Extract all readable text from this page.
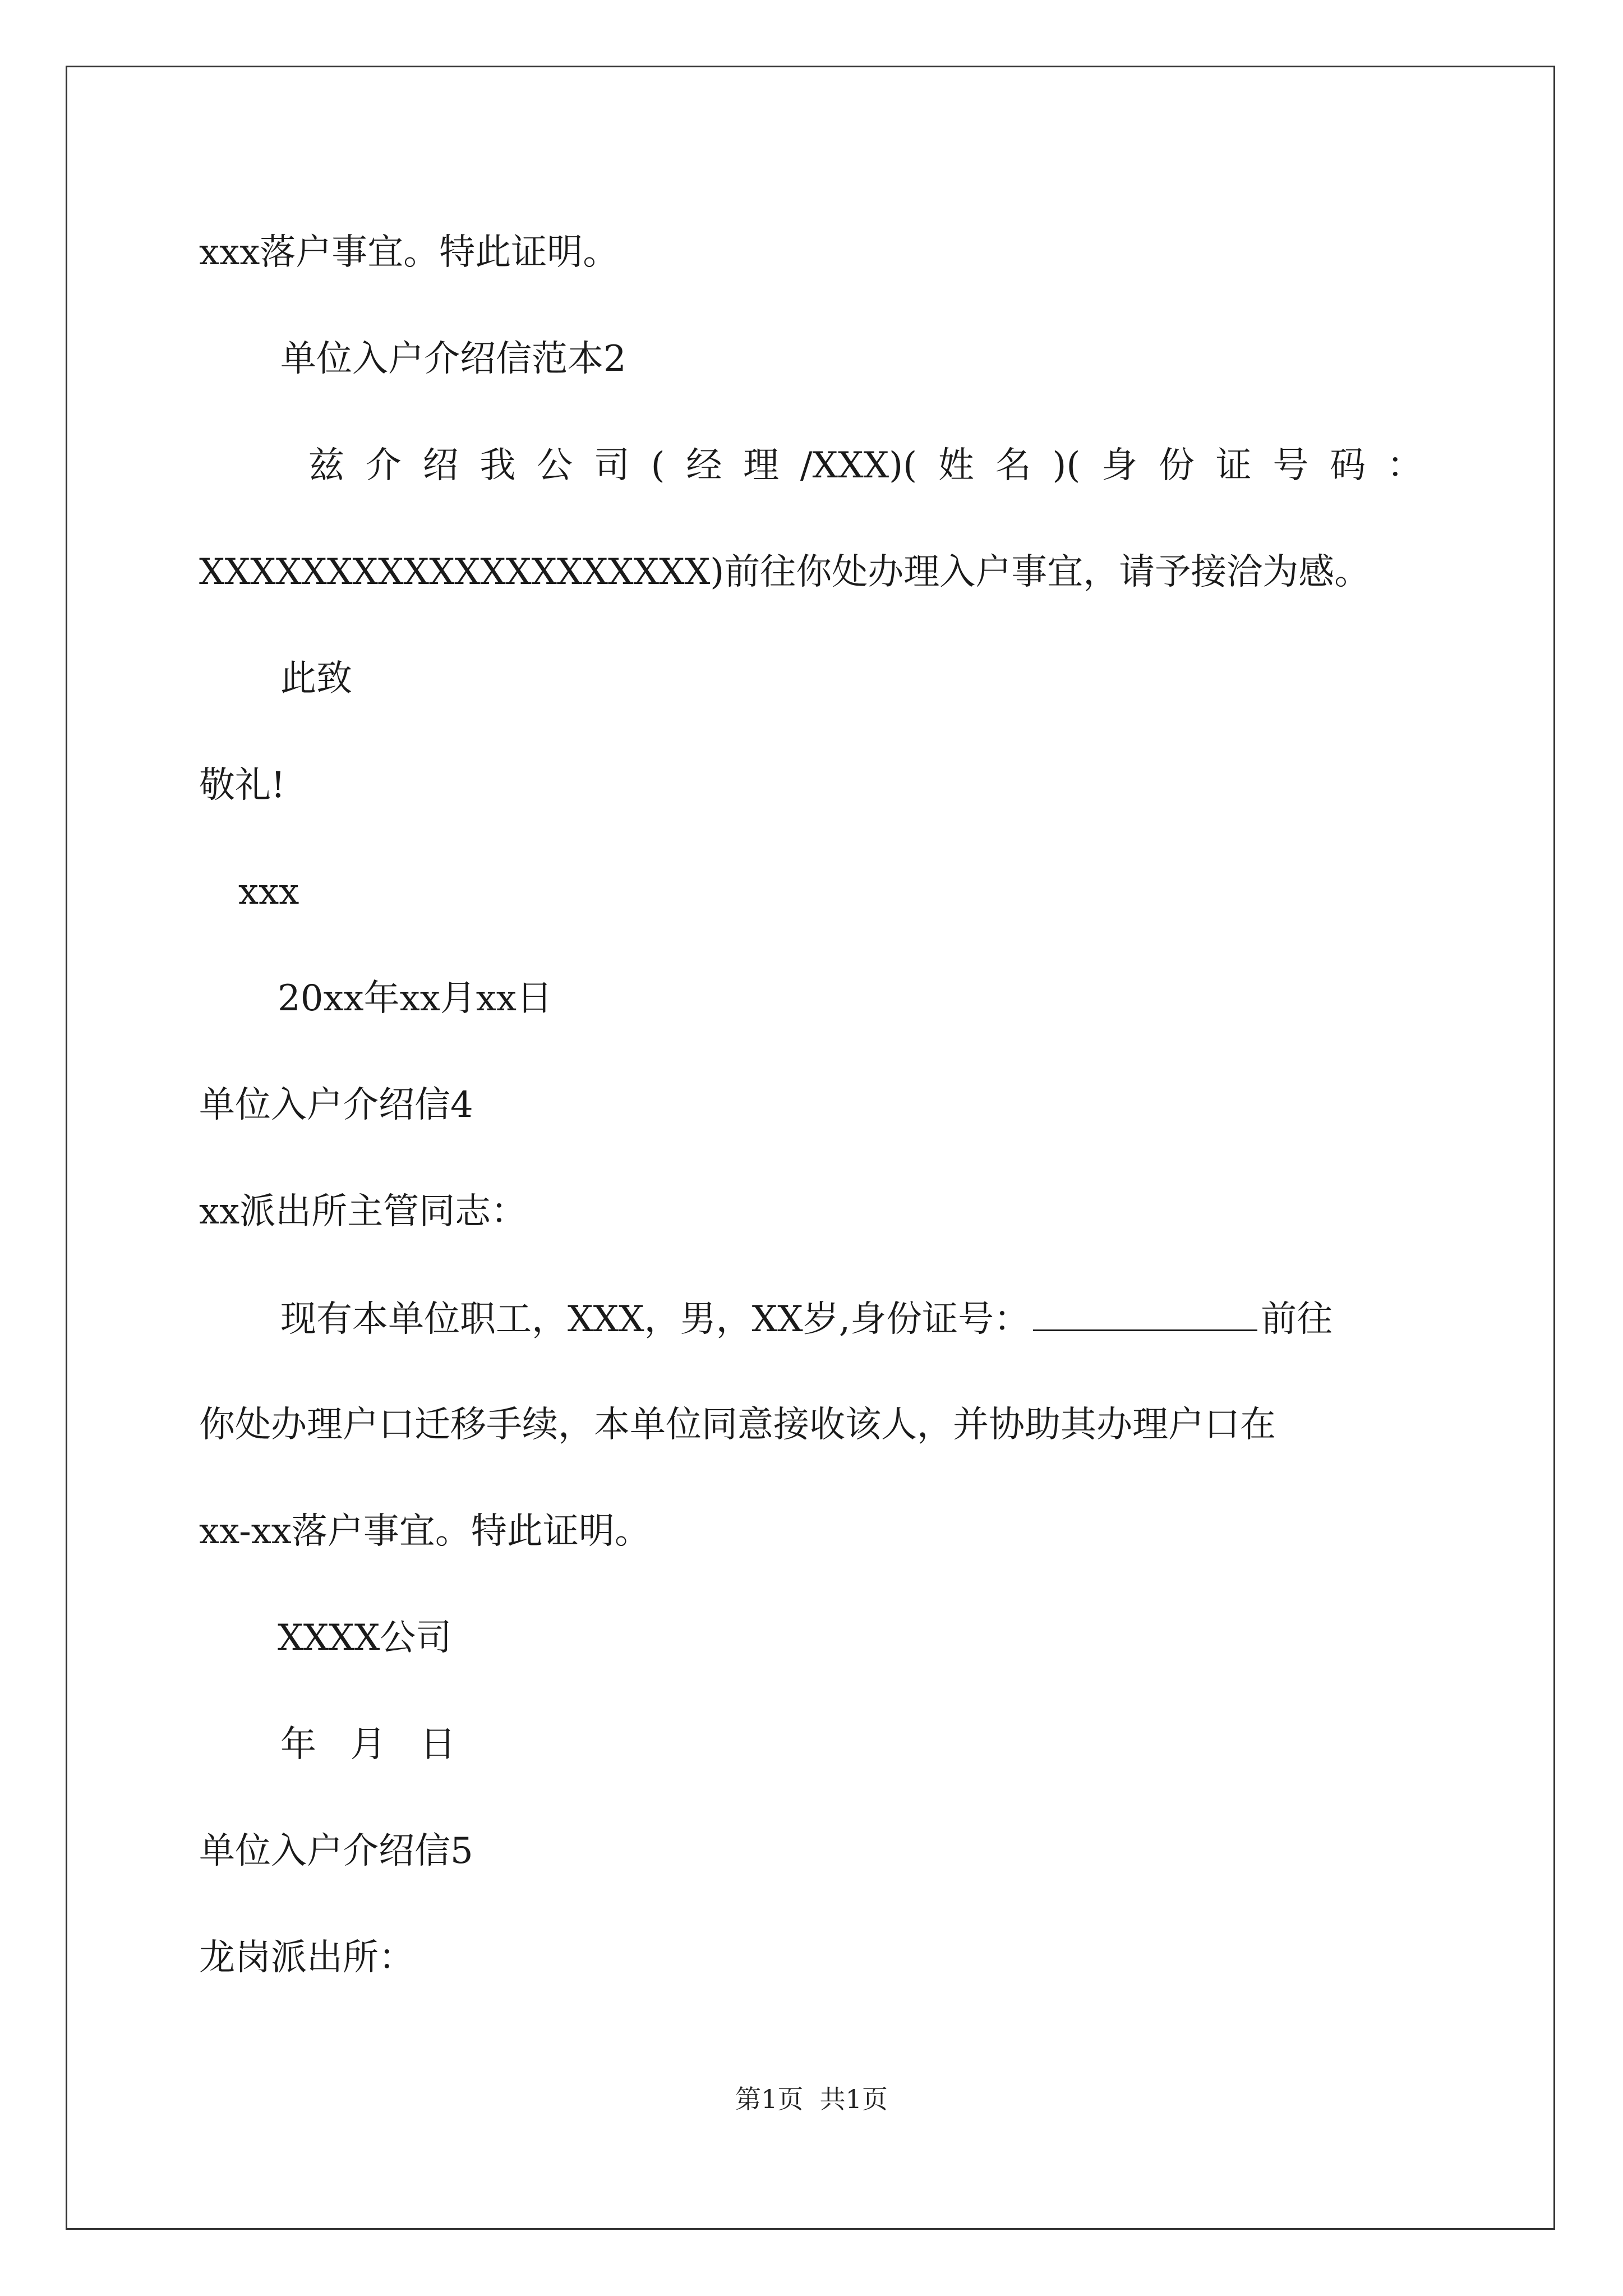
xxx落户事宜。特此证明。
单位入户介绍信范本2
兹介绍我公司(经理/XXX)(姓名)(身份证号码：
XXXXXXXXXXXXXXXXXXXX)前往你处办理入户事宜，请予接洽为感。
此致
敬礼!
xxx
20xx年xx月xx日
单位入户介绍信4
xx派出所主管同志：
现有本单位职工，XXX，男，XX岁,身份证号：	前往
你处办理户口迁移手续，本单位同意接收该人，并协助其办理户口在
xx-xx落户事宜。特此证明。
XXXX公司
年 月 日
单位入户介绍信5
龙岗派出所：
第1页  共1页
